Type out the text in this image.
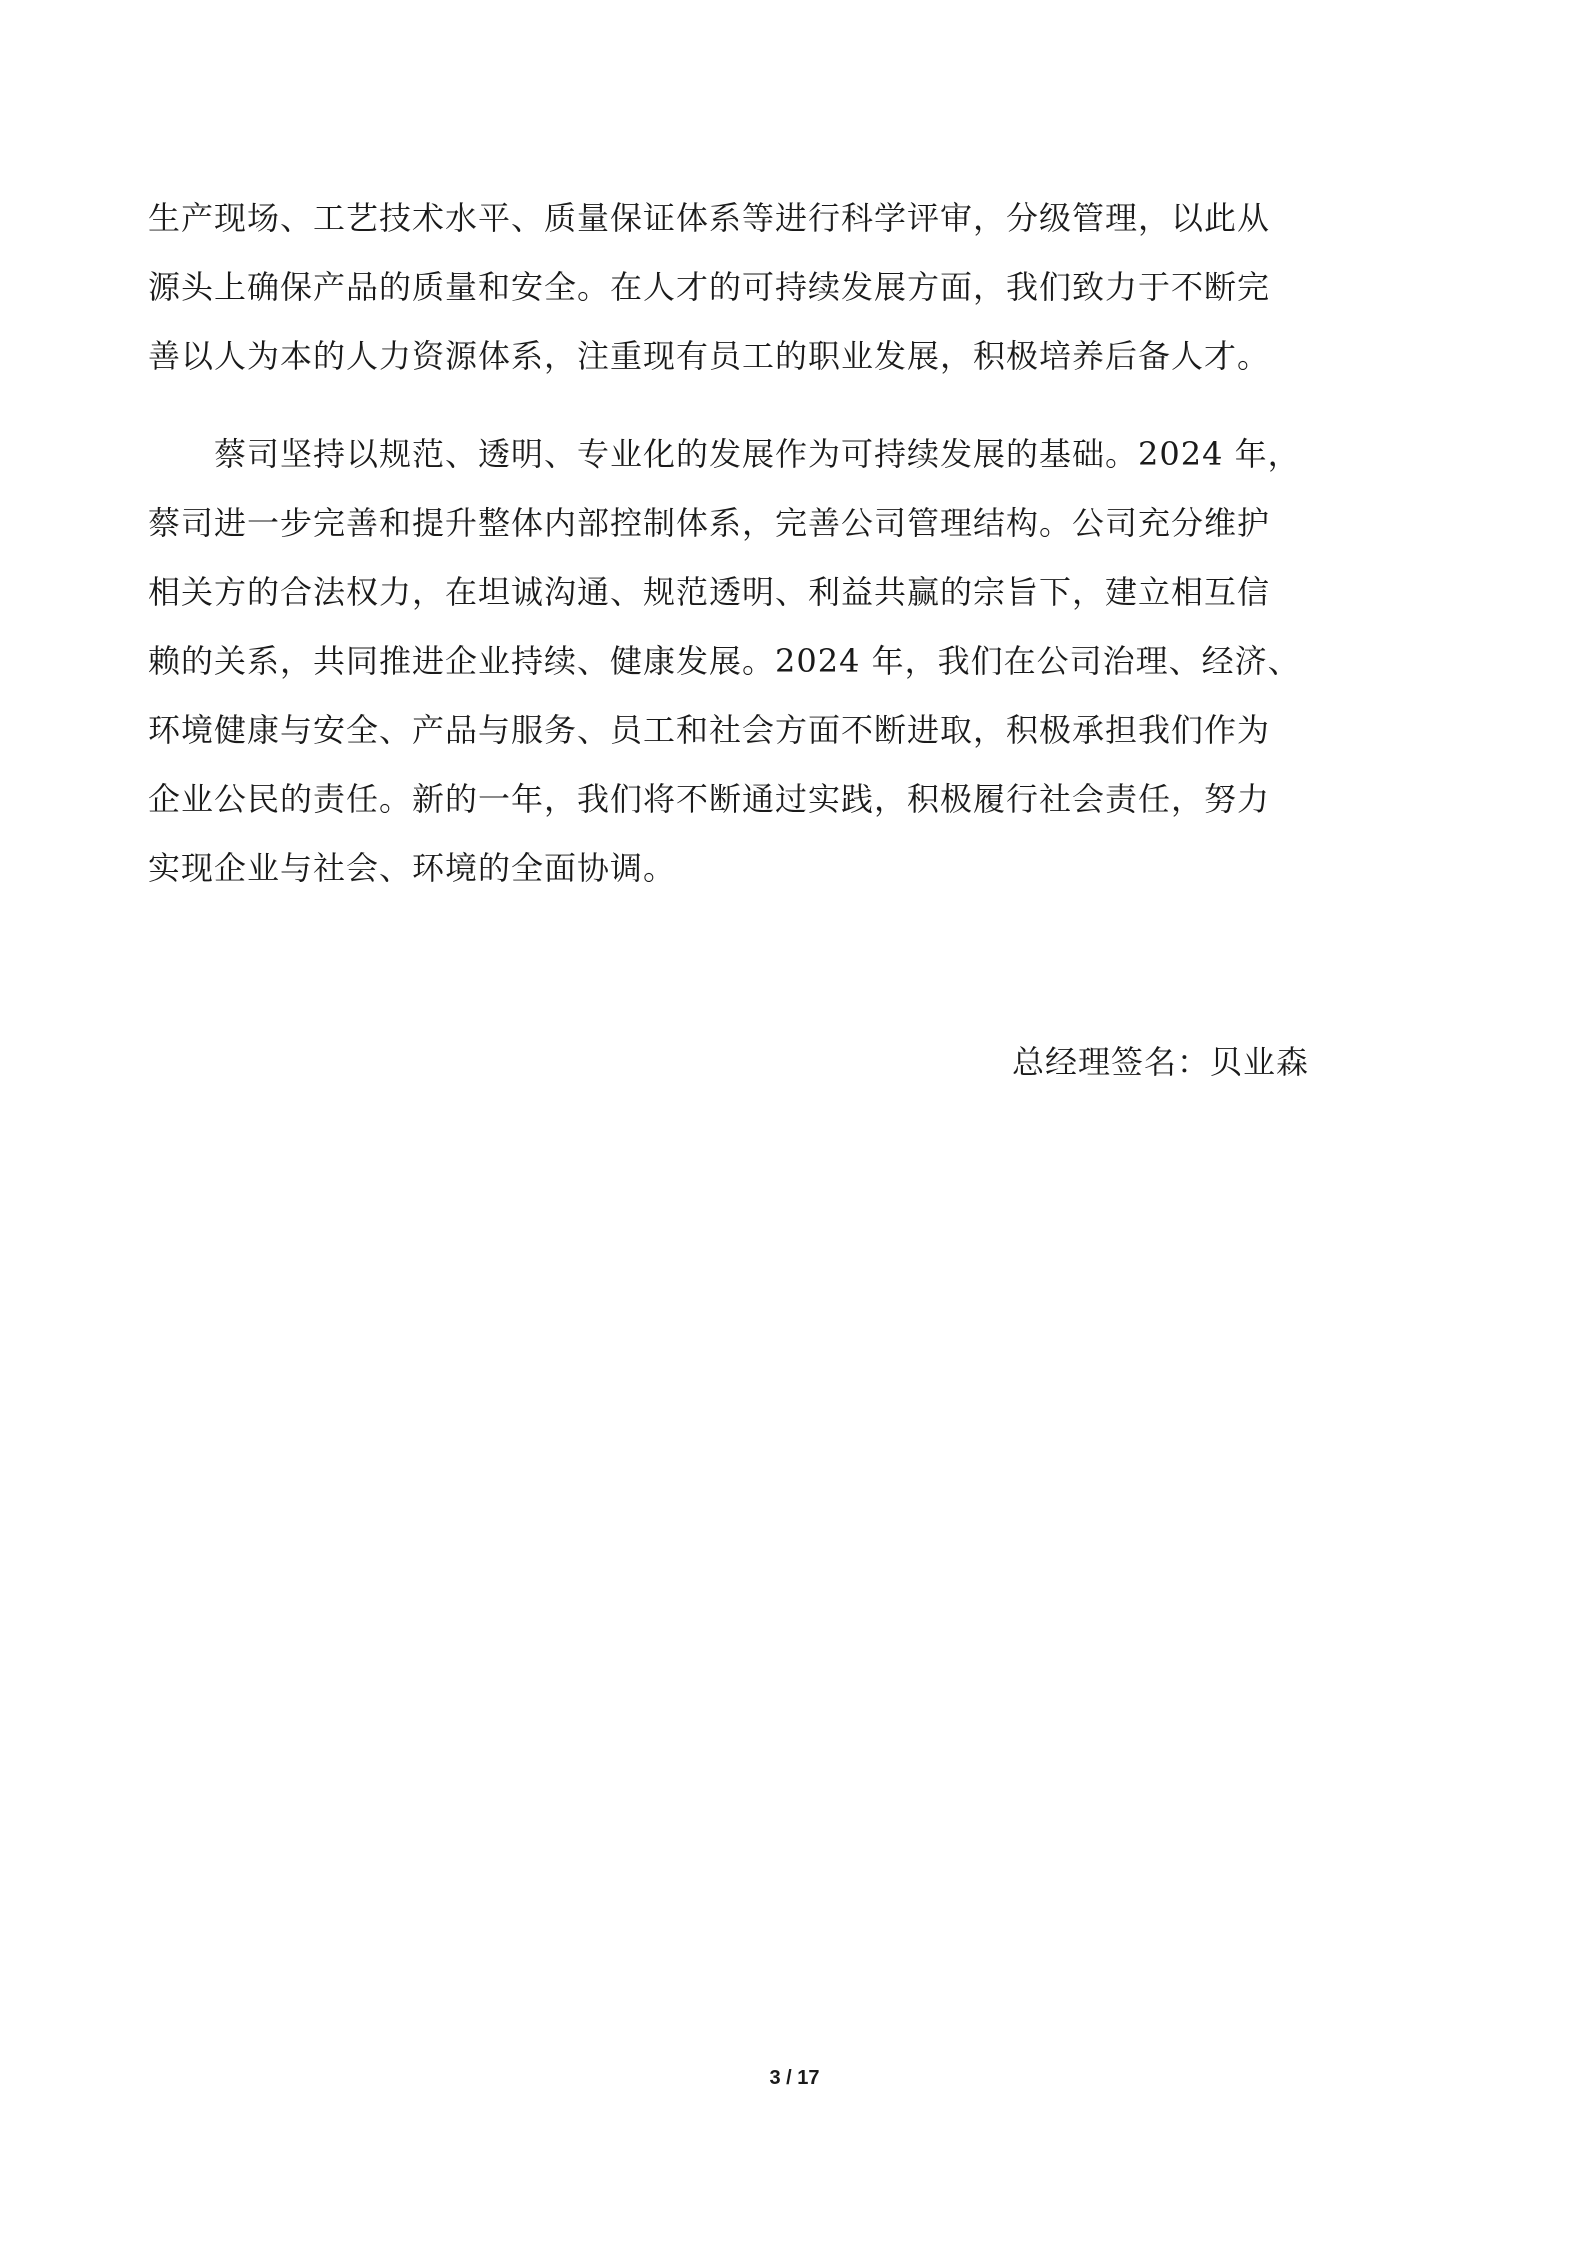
生产现场、工艺技术水平、质量保证体系等进行科学评审，分级管理，以此从
源头上确保产品的质量和安全。在人才的可持续发展方面，我们致力于不断完
善以人为本的人力资源体系，注重现有员工的职业发展，积极培养后备人才。
　　蔡司坚持以规范、透明、专业化的发展作为可持续发展的基础。2024 年，
蔡司进一步完善和提升整体内部控制体系，完善公司管理结构。公司充分维护
相关方的合法权力，在坦诚沟通、规范透明、利益共赢的宗旨下，建立相互信
赖的关系，共同推进企业持续、健康发展。2024 年，我们在公司治理、经济、
环境健康与安全、产品与服务、员工和社会方面不断进取，积极承担我们作为
企业公民的责任。新的一年，我们将不断通过实践，积极履行社会责任，努力
实现企业与社会、环境的全面协调。
总经理签名：贝业森
3 / 17
